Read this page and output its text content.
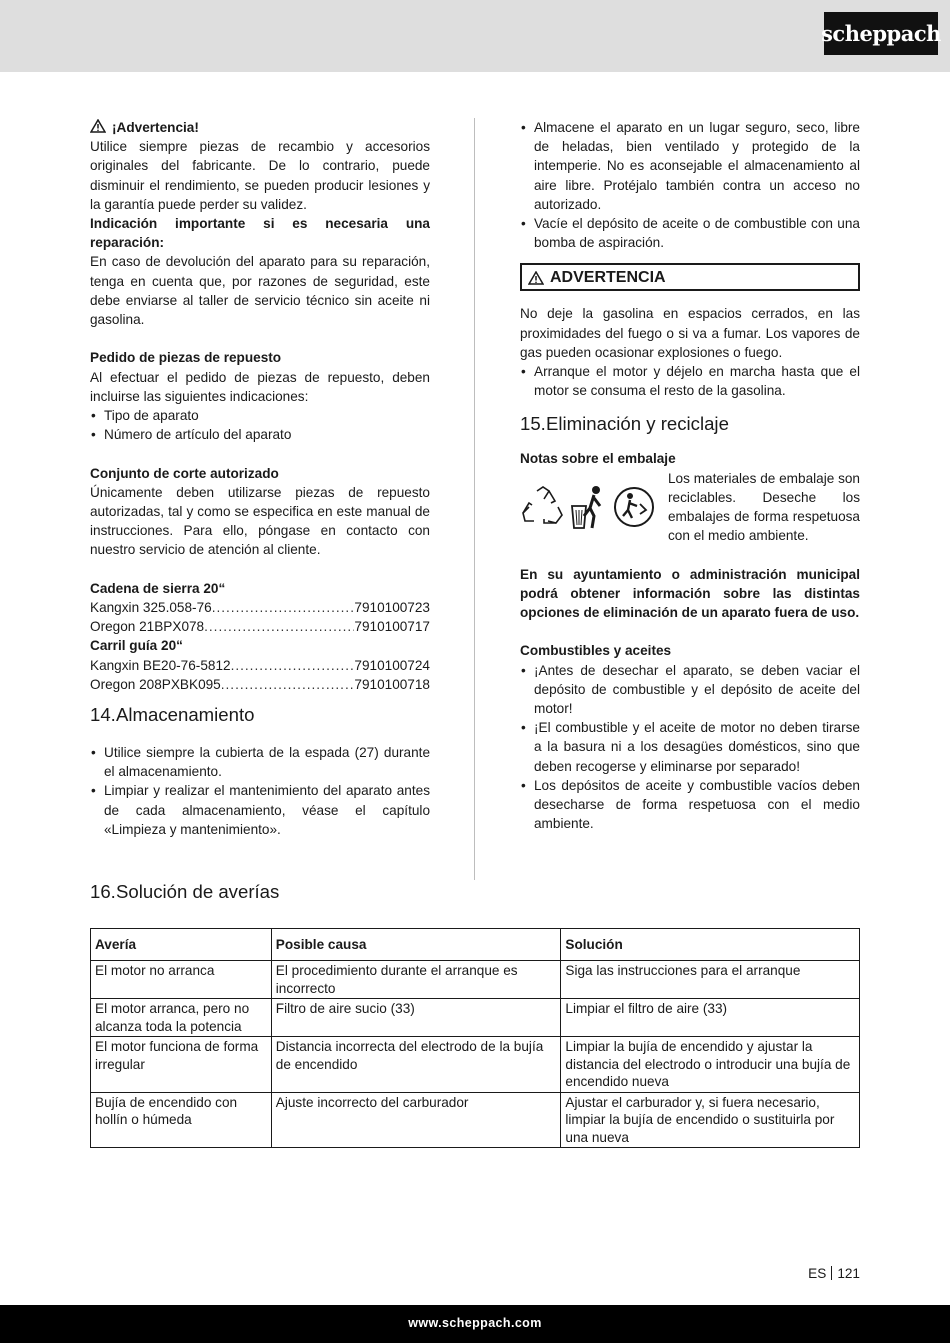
scheppach
¡Advertencia!

Utilice siempre piezas de recambio y accesorios originales del fabricante. De lo contrario, puede disminuir el rendimiento, se pueden producir lesiones y la garantía puede perder su validez.

Indicación importante si es necesaria una reparación:

En caso de devolución del aparato para su reparación, tenga en cuenta que, por razones de seguridad, este debe enviarse al taller de servicio técnico sin aceite ni gasolina.

Pedido de piezas de repuesto

Al efectuar el pedido de piezas de repuesto, deben incluirse las siguientes indicaciones:

• Tipo de aparato
• Número de artículo del aparato

Conjunto de corte autorizado

Únicamente deben utilizarse piezas de repuesto autorizadas, tal y como se especifica en este manual de instrucciones. Para ello, póngase en contacto con nuestro servicio de atención al cliente.

Cadena de sierra 20“

Kangxin 325.058-76 .....	7910100723
Oregon 21BPX078 .....	7910100717

Carril guía 20“

Kangxin BE20-76-5812 .....	7910100724
Oregon 208PXBK095 .....	7910100718
14.Almacenamiento
• Utilice siempre la cubierta de la espada (27) durante el almacenamiento.
• Limpiar y realizar el mantenimiento del aparato antes de cada almacenamiento, véase el capítulo «Limpieza y mantenimiento».
• Almacene el aparato en un lugar seguro, seco, libre de heladas, bien ventilado y protegido de la intemperie. No es aconsejable el almacenamiento al aire libre. Protéjalo también contra un acceso no autorizado.
• Vacíe el depósito de aceite o de combustible con una bomba de aspiración.
ADVERTENCIA

No deje la gasolina en espacios cerrados, en las proximidades del fuego o si va a fumar. Los vapores de gas pueden ocasionar explosiones o fuego.

• Arranque el motor y déjelo en marcha hasta que el motor se consuma el resto de la gasolina.
15.Eliminación y reciclaje

Notas sobre el embalaje

Los materiales de embalaje son reciclables. Deseche los embalajes de forma respetuosa con el medio ambiente.

En su ayuntamiento o administración municipal podrá obtener información sobre las distintas opciones de eliminación de un aparato fuera de uso.

Combustibles y aceites

• ¡Antes de desechar el aparato, se deben vaciar el depósito de combustible y el depósito de aceite del motor!
• ¡El combustible y el aceite de motor no deben tirarse a la basura ni a los desagües domésticos, sino que deben recogerse y eliminarse por separado!
• Los depósitos de aceite y combustible vacíos deben desecharse de forma respetuosa con el medio ambiente.
16.Solución de averías
Avería	Posible causa	Solución
El motor no arranca	El procedimiento durante el arranque es incorrecto	Siga las instrucciones para el arranque
El motor arranca, pero no alcanza toda la potencia	Filtro de aire sucio (33)	Limpiar el filtro de aire (33)
El motor funciona de forma irregular	Distancia incorrecta del electrodo de la bujía de encendido	Limpiar la bujía de encendido y ajustar la distancia del electrodo o introducir una bujía de encendido nueva
Bujía de encendido con hollín o húmeda	Ajuste incorrecto del carburador	Ajustar el carburador y, si fuera necesario, limpiar la bujía de encendido o sustituirla por una nueva
ES 121
www.scheppach.com
